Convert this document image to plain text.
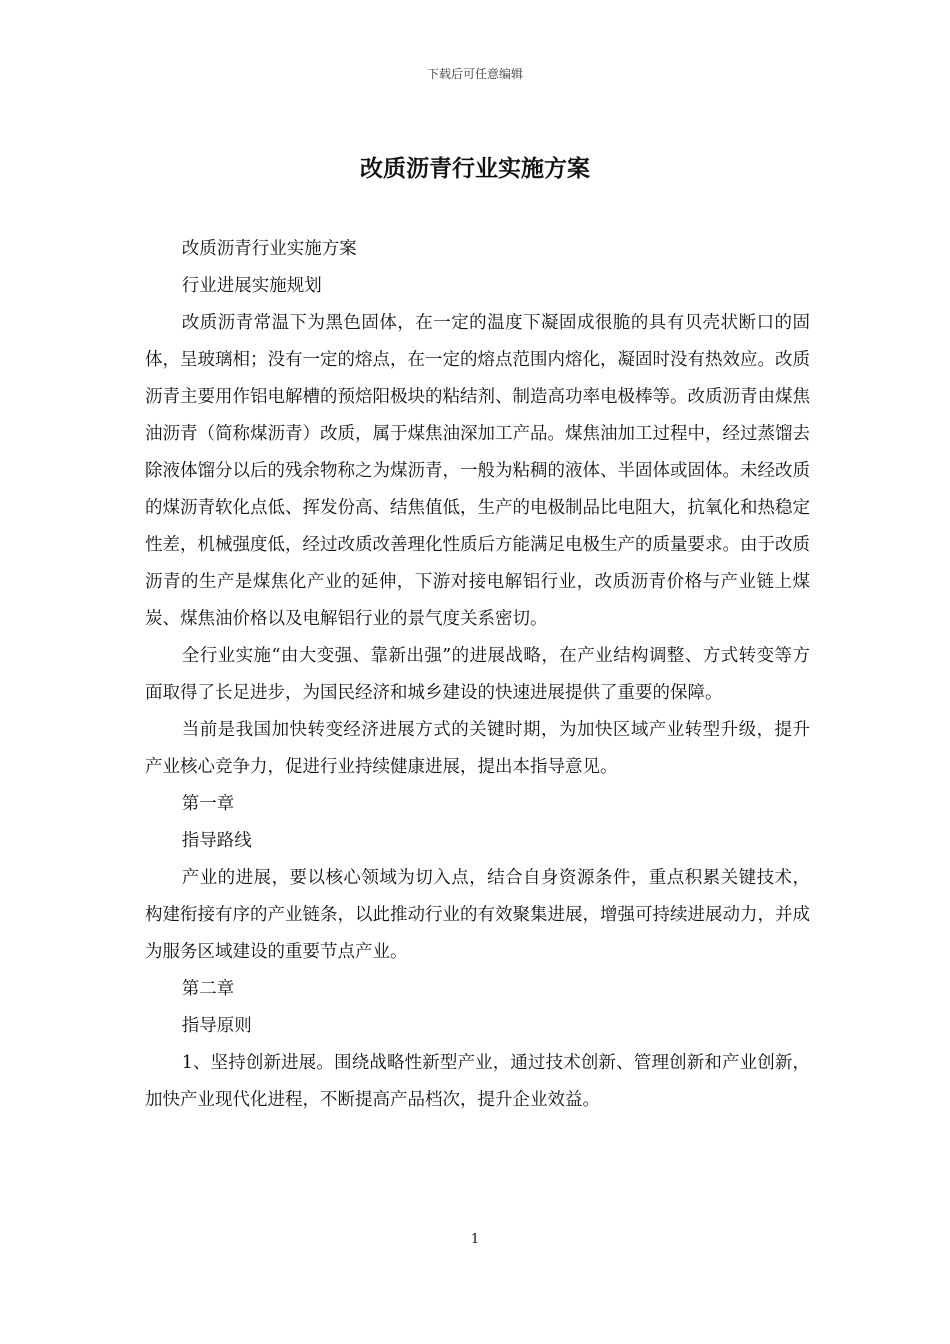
下载后可任意编辑
改质沥青行业实施方案

改质沥青行业实施方案

行业进展实施规划

改质沥青常温下为黑色固体，在一定的温度下凝固成很脆的具有贝壳状断口的固体，呈玻璃相；没有一定的熔点，在一定的熔点范围内熔化，凝固时没有热效应。改质沥青主要用作铝电解槽的预焙阳极块的粘结剂、制造高功率电极棒等。改质沥青由煤焦油沥青（简称煤沥青）改质，属于煤焦油深加工产品。煤焦油加工过程中，经过蒸馏去除液体馏分以后的残余物称之为煤沥青，一般为粘稠的液体、半固体或固体。未经改质的煤沥青软化点低、挥发份高、结焦值低，生产的电极制品比电阻大，抗氧化和热稳定性差，机械强度低，经过改质改善理化性质后方能满足电极生产的质量要求。由于改质沥青的生产是煤焦化产业的延伸，下游对接电解铝行业，改质沥青价格与产业链上煤炭、煤焦油价格以及电解铝行业的景气度关系密切。

全行业实施“由大变强、靠新出强”的进展战略，在产业结构调整、方式转变等方面取得了长足进步，为国民经济和城乡建设的快速进展提供了重要的保障。

当前是我国加快转变经济进展方式的关键时期，为加快区域产业转型升级，提升产业核心竞争力，促进行业持续健康进展，提出本指导意见。

第一章

指导路线

产业的进展，要以核心领域为切入点，结合自身资源条件，重点积累关键技术，构建衔接有序的产业链条，以此推动行业的有效聚集进展，增强可持续进展动力，并成为服务区域建设的重要节点产业。

第二章

指导原则

1、坚持创新进展。围绕战略性新型产业，通过技术创新、管理创新和产业创新，加快产业现代化进程，不断提高产品档次，提升企业效益。

1
